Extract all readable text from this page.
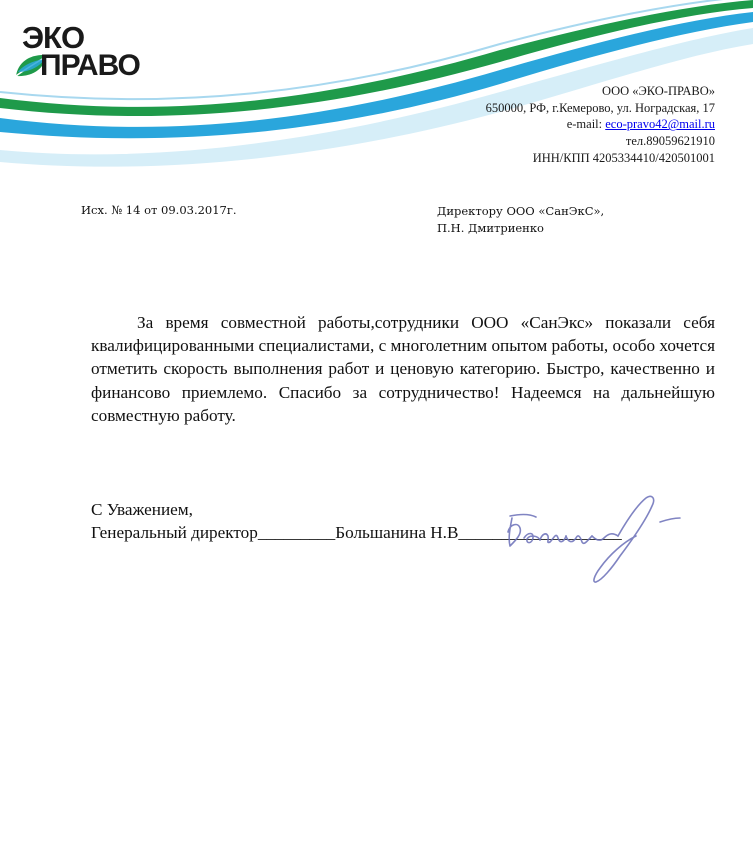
ЭКО
ПРАВО
ООО «ЭКО-ПРАВО»
650000, РФ, г.Кемерово, ул. Ноградская, 17
e-mail: eco-pravo42@mail.ru
тел.89059621910
ИНН/КПП 4205334410/420501001
Исх. № 14 от 09.03.2017г.	Директору ООО «СанЭкС»,
П.Н. Дмитриенко

За время совместной работы,сотрудники ООО «СанЭкс» показали себя квалифицированными специалистами, с многолетним опытом работы, особо хочется отметить скорость выполнения работ и ценовую категорию. Быстро, качественно и финансово приемлемо. Спасибо за сотрудничество! Надеемся на дальнейшую совместную работу.

С Уважением,
Генеральный директор_________Большанина Н.В___________________
